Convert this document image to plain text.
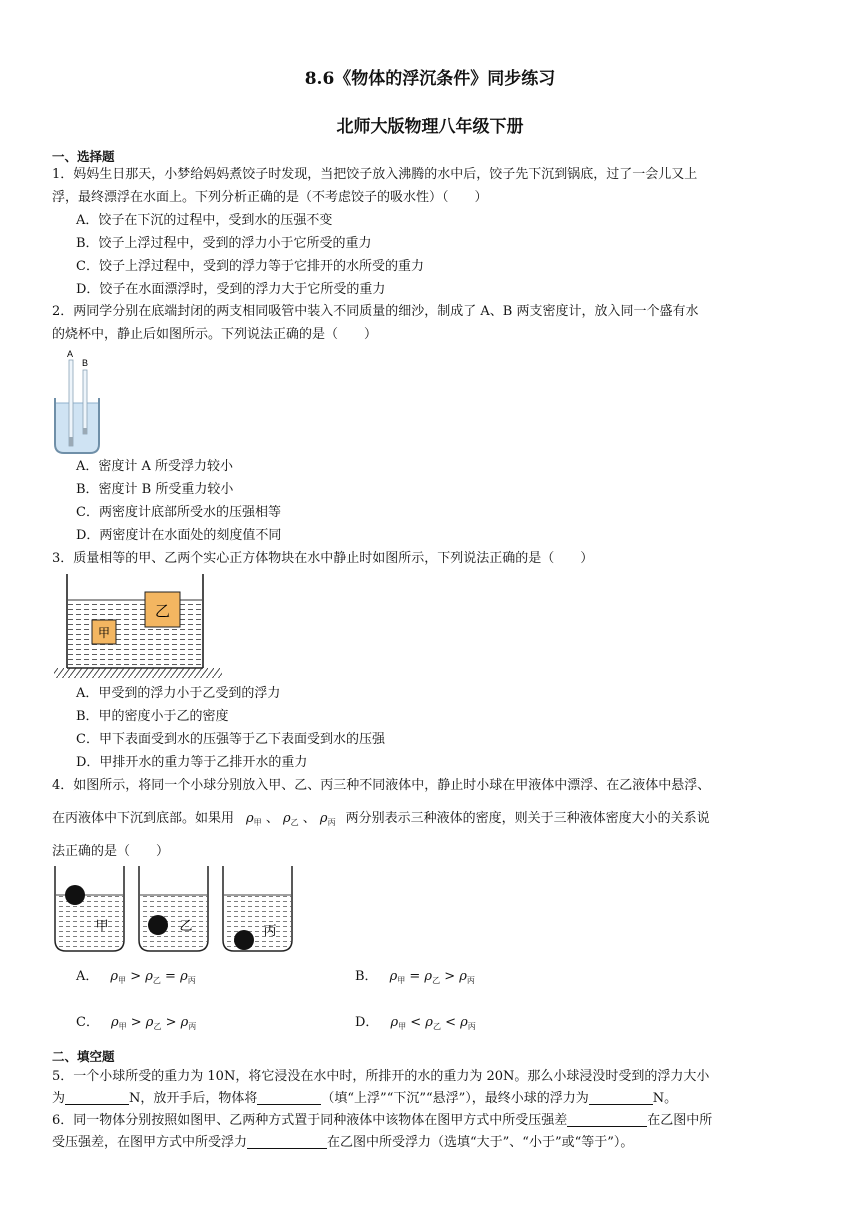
8.6《物体的浮沉条件》同步练习
北师大版物理八年级下册
一、选择题
1．妈妈生日那天，小梦给妈妈煮饺子时发现，当把饺子放入沸腾的水中后，饺子先下沉到锅底，过了一会儿又上
浮，最终漂浮在水面上。下列分析正确的是（不考虑饺子的吸水性）（　　）
A．饺子在下沉的过程中，受到水的压强不变
B．饺子上浮过程中，受到的浮力小于它所受的重力
C．饺子上浮过程中，受到的浮力等于它排开的水所受的重力
D．饺子在水面漂浮时，受到的浮力大于它所受的重力
2．两同学分别在底端封闭的两支相同吸管中装入不同质量的细沙，制成了 A、B 两支密度计，放入同一个盛有水
的烧杯中，静止后如图所示。下列说法正确的是（　　）
A
B
A．密度计 A 所受浮力较小
B．密度计 B 所受重力较小
C．两密度计底部所受水的压强相等
D．两密度计在水面处的刻度值不同
3．质量相等的甲、乙两个实心正方体物块在水中静止时如图所示，下列说法正确的是（　　）
乙
甲
A．甲受到的浮力小于乙受到的浮力
B．甲的密度小于乙的密度
C．甲下表面受到水的压强等于乙下表面受到水的压强
D．甲排开水的重力等于乙排开水的重力
4．如图所示，将同一个小球分别放入甲、乙、丙三种不同液体中，静止时小球在甲液体中漂浮、在乙液体中悬浮、
在丙液体中下沉到底部。如果用 $\rho_甲$ 、 $\rho_乙$ 、 $\rho_丙$ 两分别表示三种液体的密度，则关于三种液体密度大小的关系说
法正确的是（　　）
甲	乙	丙
A． $\rho_甲 > \rho_乙 = \rho_丙$	B． $\rho_甲 = \rho_乙 > \rho_丙$
C． $\rho_甲 > \rho_乙 > \rho_丙$	D． $\rho_甲 < \rho_乙 < \rho_丙$
二、填空题
5．一个小球所受的重力为 10N，将它浸没在水中时，所排开的水的重力为 20N。那么小球浸没时受到的浮力大小
为	N，放开手后，物体将	（填“上浮”“下沉”“悬浮”），最终小球的浮力为	N。
6．同一物体分别按照如图甲、乙两种方式置于同种液体中该物体在图甲方式中所受压强差	在乙图中所
受压强差，在图甲方式中所受浮力	在乙图中所受浮力（选填“大于”、“小于”或“等于”）。
